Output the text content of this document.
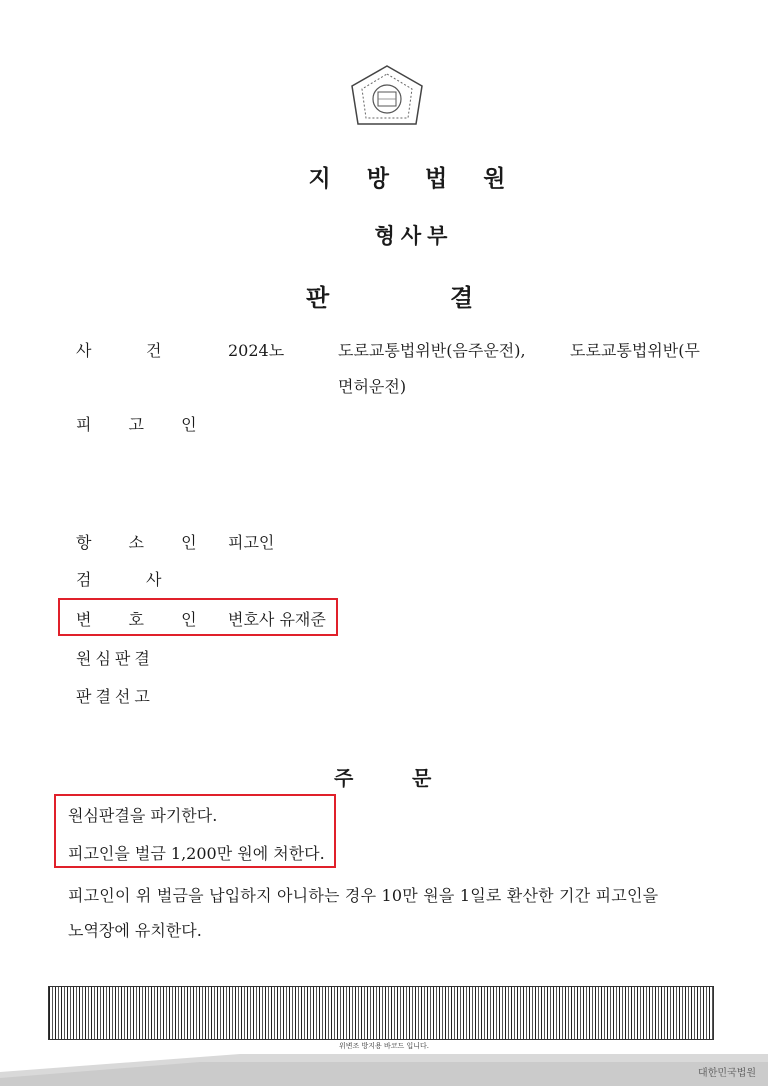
지 방 법 원
형사부
판	결
사	건	2024노	도로교통법위반(음주운전),	도로교통법위반(무
면허운전)
피 고 인
항 소 인 피고인
검	사
변 호 인 변호사 유재준
원심판결
판결선고
주	문
원심판결을 파기한다.
피고인을 벌금 1,200만 원에 처한다.
피고인이 위 벌금을 납입하지 아니하는 경우 10만 원을 1일로 환산한 기간 피고인을
노역장에 유치한다.
위변조 방지용 바코드 입니다.
대한민국법원
